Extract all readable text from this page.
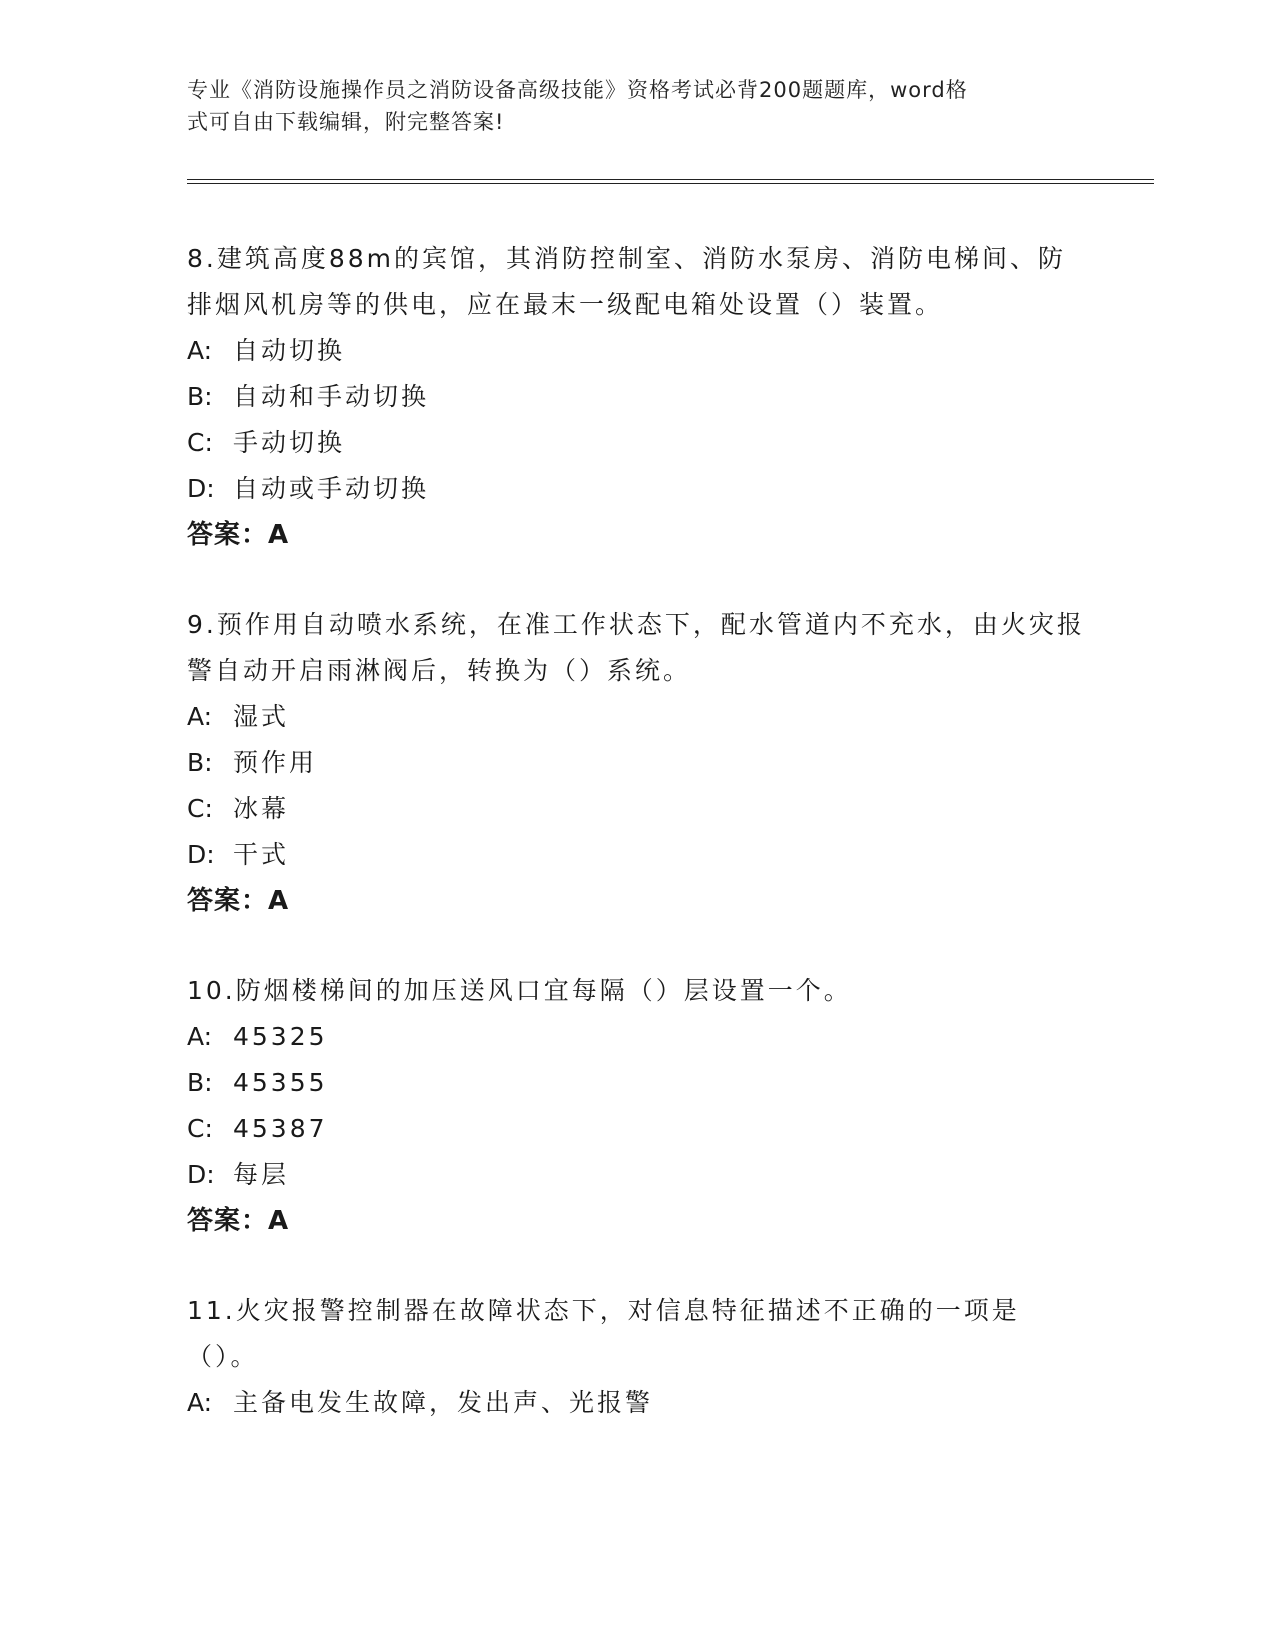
专业《消防设施操作员之消防设备高级技能》资格考试必背200题题库，word格
式可自由下载编辑，附完整答案!

8.建筑高度88m的宾馆，其消防控制室、消防水泵房、消防电梯间、防排烟风机房等的供电，应在最末一级配电箱处设置（）装置。

A: 自动切换

B: 自动和手动切换

C: 手动切换

D: 自动或手动切换

答案：A

9.预作用自动喷水系统，在准工作状态下，配水管道内不充水，由火灾报警自动开启雨淋阀后，转换为（）系统。

A: 湿式

B: 预作用

C: 冰幕

D: 干式

答案：A

10.防烟楼梯间的加压送风口宜每隔（）层设置一个。

A: 45325

B: 45355

C: 45387

D: 每层

答案：A

11.火灾报警控制器在故障状态下，对信息特征描述不正确的一项是（）。

A: 主备电发生故障，发出声、光报警
